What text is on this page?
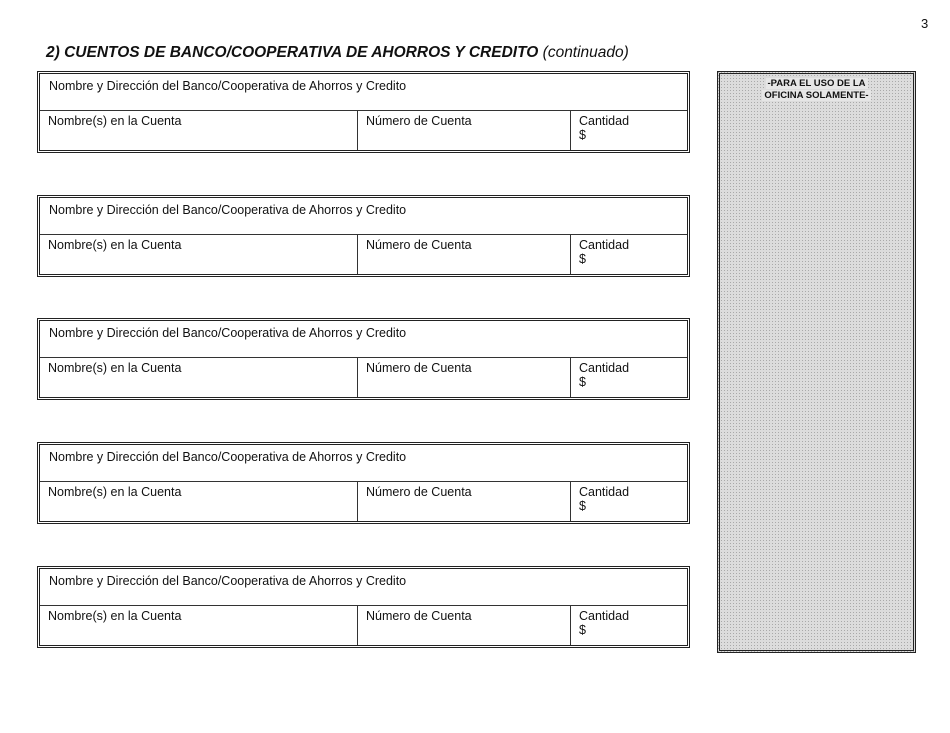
3
2) CUENTOS DE BANCO/COOPERATIVA DE AHORROS Y CREDITO (continuado)
Nombre y Dirección del Banco/Cooperativa de Ahorros y Credito
Nombre(s) en la Cuenta	Número de Cuenta	Cantidad
$
Nombre y Dirección del Banco/Cooperativa de Ahorros y Credito
Nombre(s) en la Cuenta	Número de Cuenta	Cantidad
$
Nombre y Dirección del Banco/Cooperativa de Ahorros y Credito
Nombre(s) en la Cuenta	Número de Cuenta	Cantidad
$
Nombre y Dirección del Banco/Cooperativa de Ahorros y Credito
Nombre(s) en la Cuenta	Número de Cuenta	Cantidad
$
Nombre y Dirección del Banco/Cooperativa de Ahorros y Credito
Nombre(s) en la Cuenta	Número de Cuenta	Cantidad
$
-PARA EL USO DE LA
OFICINA SOLAMENTE-
